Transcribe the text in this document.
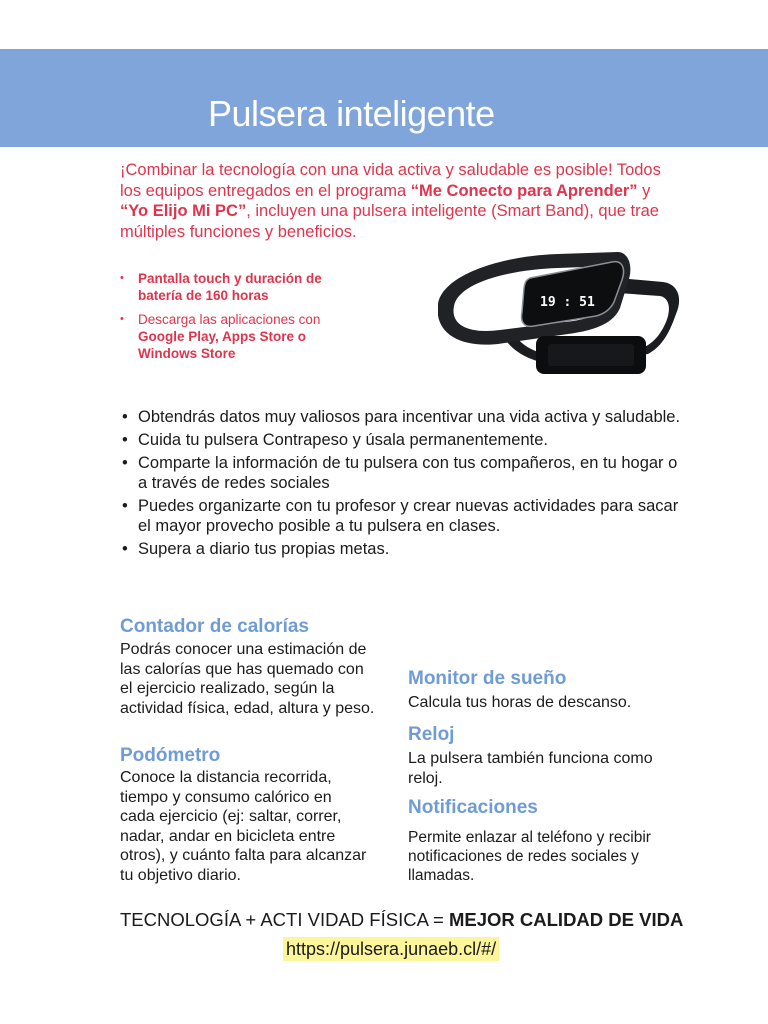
Pulsera inteligente

¡Combinar la tecnología con una vida activa y saludable es posible! Todos los equipos entregados en el programa “Me Conecto para Aprender” y “Yo Elijo Mi PC”, incluyen una pulsera inteligente (Smart Band), que trae múltiples funciones y beneficios.

• Pantalla touch y duración de batería de 160 horas
• Descarga las aplicaciones con Google Play, Apps Store o Windows Store
19 : 51
• Obtendrás datos muy valiosos para incentivar una vida activa y saludable.
• Cuida tu pulsera Contrapeso y úsala permanentemente.
• Comparte la información de tu pulsera con tus compañeros, en tu hogar o a través de redes sociales
• Puedes organizarte con tu profesor y crear nuevas actividades para sacar el mayor provecho posible a tu pulsera en clases.
• Supera a diario tus propias metas.
Contador de calorías
Podrás conocer una estimación de las calorías que has quemado con el ejercicio realizado, según la actividad física, edad, altura y peso.
Podómetro
Conoce la distancia recorrida, tiempo y consumo calórico en cada ejercicio (ej: saltar, correr, nadar, andar en bicicleta entre otros), y cuánto falta para alcanzar tu objetivo diario.
Monitor de sueño
Calcula tus horas de descanso.
Reloj
La pulsera también funciona como reloj.
Notificaciones
Permite enlazar al teléfono y recibir notificaciones de redes sociales y llamadas.
TECNOLOGÍA + ACTI VIDAD FÍSICA = MEJOR CALIDAD DE VIDA
https://pulsera.junaeb.cl/#/
